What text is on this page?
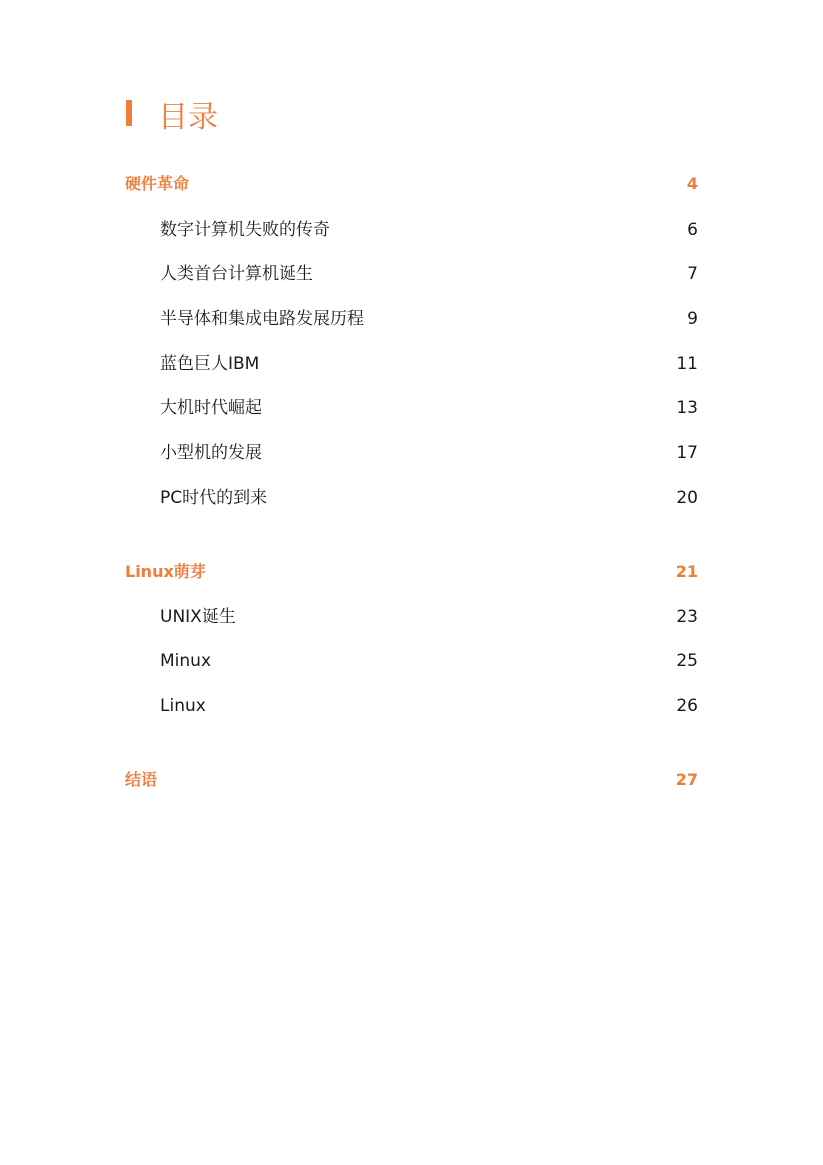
目录
硬件革命	4
数字计算机失败的传奇	6
人类首台计算机诞生	7
半导体和集成电路发展历程	9
蓝色巨人IBM	11
大机时代崛起	13
小型机的发展	17
PC时代的到来	20
Linux萌芽	21
UNIX诞生	23
Minux	25
Linux	26
结语	27
